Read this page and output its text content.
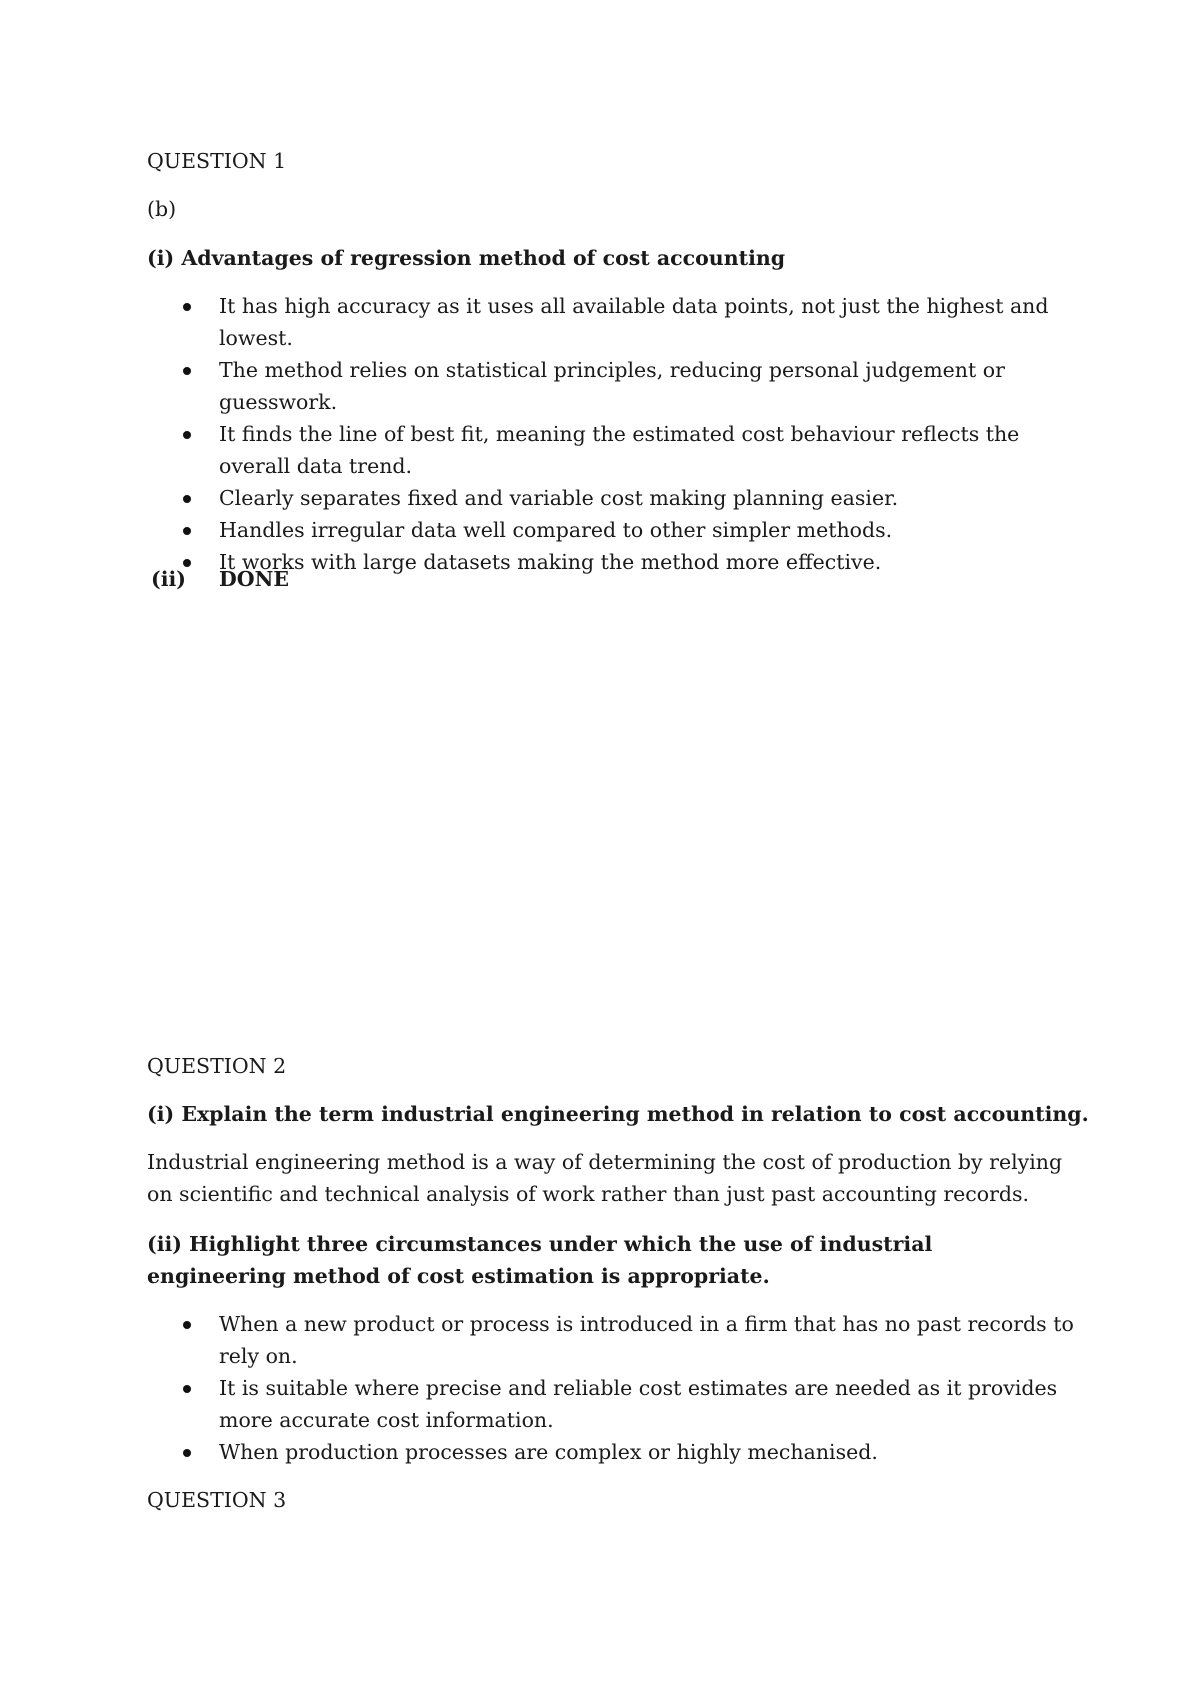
QUESTION 1
(b)
(i) Advantages of regression method of cost accounting
It has high accuracy as it uses all available data points, not just the highest and lowest.
The method relies on statistical principles, reducing personal judgement or guesswork.
It finds the line of best fit, meaning the estimated cost behaviour reflects the overall data trend.
Clearly separates fixed and variable cost making planning easier.
Handles irregular data well compared to other simpler methods.
It works with large datasets making the method more effective.
(ii) DONE
QUESTION 2
(i) Explain the term industrial engineering method in relation to cost accounting.
Industrial engineering method is a way of determining the cost of production by relying on scientific and technical analysis of work rather than just past accounting records.
(ii) Highlight three circumstances under which the use of industrial engineering method of cost estimation is appropriate.
When a new product or process is introduced in a firm that has no past records to rely on.
It is suitable where precise and reliable cost estimates are needed as it provides more accurate cost information.
When production processes are complex or highly mechanised.
QUESTION 3
